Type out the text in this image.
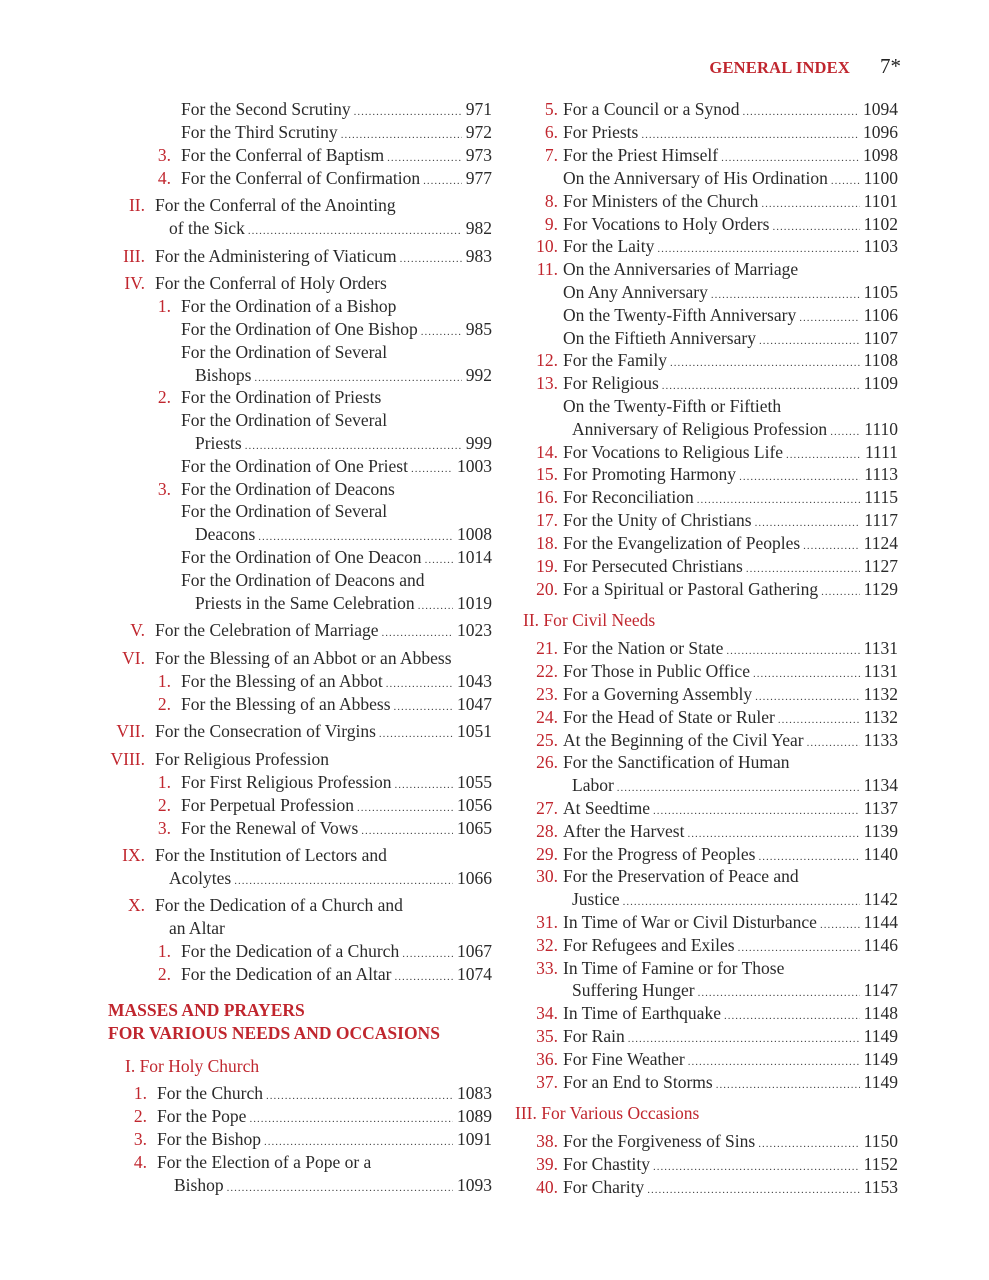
GENERAL INDEX 7*
For the Second Scrutiny .....	971
For the Third Scrutiny .....	972
3. For the Conferral of Baptism .....	973
4. For the Conferral of Confirmation .....	977
II. For the Conferral of the Anointing
of the Sick .....	982
III. For the Administering of Viaticum .....	983
IV. For the Conferral of Holy Orders
1. For the Ordination of a Bishop
For the Ordination of One Bishop .....	985
For the Ordination of Several
Bishops .....	992
2. For the Ordination of Priests
For the Ordination of Several
Priests .....	999
For the Ordination of One Priest .....	1003
3. For the Ordination of Deacons
For the Ordination of Several
Deacons .....	1008
For the Ordination of One Deacon ..... 1014
For the Ordination of Deacons and
Priests in the Same Celebration ..... 1019
V. For the Celebration of Marriage .....	1023
VI. For the Blessing of an Abbot or an Abbess
1. For the Blessing of an Abbot .....	1043
2. For the Blessing of an Abbess .....	1047
VII. For the Consecration of Virgins .....	1051
VIII. For Religious Profession
1. For First Religious Profession .....	1055
2. For Perpetual Profession .....	1056
3. For the Renewal of Vows .....	1065
IX. For the Institution of Lectors and
Acolytes .....	1066
X. For the Dedication of a Church and
an Altar
1. For the Dedication of a Church .....	1067
2. For the Dedication of an Altar .....	1074
1. For the Church .....	1083
2. For the Pope .....	1089
3. For the Bishop .....	1091
4. For the Election of a Pope or a
Bishop .....	1093
5. For a Council or a Synod .....	1094
6. For Priests .....	1096
7. For the Priest Himself .....	1098
On the Anniversary of His Ordination ..... 1100
8. For Ministers of the Church .....	1101
9. For Vocations to Holy Orders .....	1102
10. For the Laity .....	1103
11. On the Anniversaries of Marriage
On Any Anniversary .....	1105
On the Twenty-Fifth Anniversary .....	1106
On the Fiftieth Anniversary .....	1107
12. For the Family .....	1108
13. For Religious .....	1109
On the Twenty-Fifth or Fiftieth
Anniversary of Religious Profession ..... 1110
14. For Vocations to Religious Life .....	1111
15. For Promoting Harmony .....	1113
16. For Reconciliation .....	1115
17. For the Unity of Christians .....	1117
18. For the Evangelization of Peoples .....	1124
19. For Persecuted Christians .....	1127
20. For a Spiritual or Pastoral Gathering .....	1129
21. For the Nation or State .....	1131
22. For Those in Public Office .....	1131
23. For a Governing Assembly .....	1132
24. For the Head of State or Ruler .....	1132
25. At the Beginning of the Civil Year .....	1133
26. For the Sanctification of Human
Labor .....	1134
27. At Seedtime .....	1137
28. After the Harvest .....	1139
29. For the Progress of Peoples .....	1140
30. For the Preservation of Peace and
Justice .....	1142
31. In Time of War or Civil Disturbance .....	1144
32. For Refugees and Exiles .....	1146
33. In Time of Famine or for Those
Suffering Hunger .....	1147
34. In Time of Earthquake .....	1148
35. For Rain .....	1149
36. For Fine Weather .....	1149
37. For an End to Storms .....	1149
38. For the Forgiveness of Sins .....	1150
39. For Chastity .....	1152
40. For Charity .....	1153
MASSES AND PRAYERS
FOR VARIOUS NEEDS AND OCCASIONS
I. For Holy Church
II. For Civil Needs
III. For Various Occasions
